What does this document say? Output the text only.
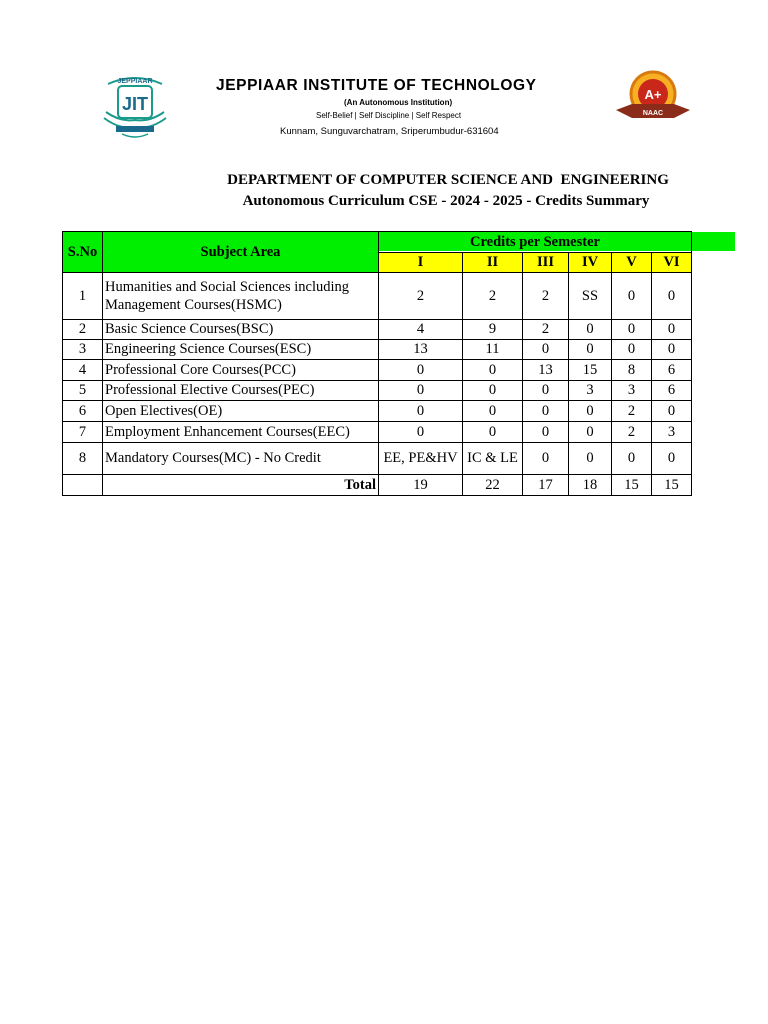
JEPPIAAR
JIT
JEPPIAAR INSTITUTE OF TECHNOLOGY
(An Autonomous Institution)
Self-Belief | Self Discipline | Self Respect
Kunnam, Sunguvarchatram, Sriperumbudur-631604
A+
NAAC
DEPARTMENT OF COMPUTER SCIENCE AND  ENGINEERING
Autonomous Curriculum CSE - 2024 - 2025 - Credits Summary
S.No	Subject Area	Credits per Semester					
		I	II	III	IV	V	VI
1	Humanities and Social Sciences including Management Courses(HSMC)	2	2	2	SS	0	0
2	Basic Science Courses(BSC)	4	9	2	0	0	0
3	Engineering Science Courses(ESC)	13	11	0	0	0	0
4	Professional Core Courses(PCC)	0	0	13	15	8	6
5	Professional Elective Courses(PEC)	0	0	0	3	3	6
6	Open Electives(OE)	0	0	0	0	2	0
7	Employment Enhancement Courses(EEC)	0	0	0	0	2	3
8	Mandatory Courses(MC) - No Credit	EE, PE&HV	IC & LE	0	0	0	0
	Total	19	22	17	18	15	15
